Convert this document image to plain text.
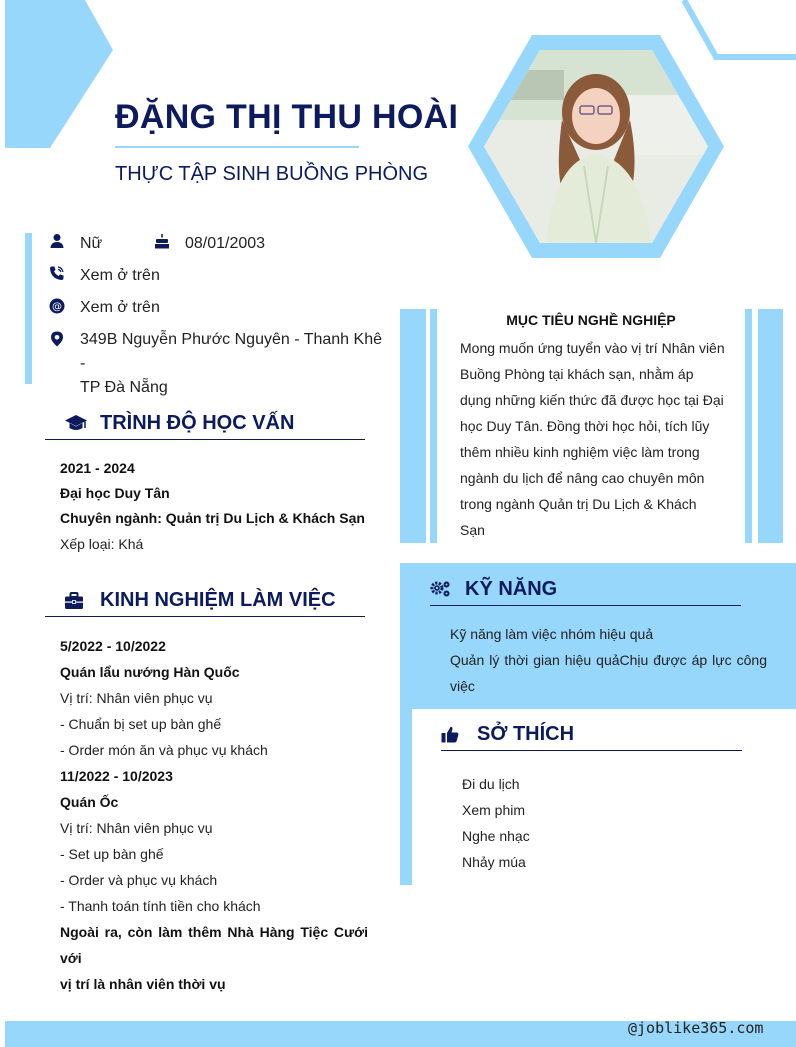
ĐẶNG THỊ THU HOÀI
THỰC TẬP SINH BUỒNG PHÒNG
Nữ	08/01/2003
Xem ở trên
@ Xem ở trên
349B Nguyễn Phước Nguyên - Thanh Khê -
TP Đà Nẵng
TRÌNH ĐỘ HỌC VẤN
2021 - 2024
Đại học Duy Tân
Chuyên ngành: Quản trị Du Lịch & Khách Sạn
Xếp loại: Khá
KINH NGHIỆM LÀM VIỆC
5/2022 - 10/2022
Quán lẩu nướng Hàn Quốc
Vị trí: Nhân viên phục vụ
- Chuẩn bị set up bàn ghế
- Order món ăn và phục vụ khách
11/2022 - 10/2023
Quán Ốc
Vị trí: Nhân viên phục vụ
- Set up bàn ghế
- Order và phục vụ khách
- Thanh toán tính tiền cho khách
Ngoài ra, còn làm thêm Nhà Hàng Tiệc Cưới với
vị trí là nhân viên thời vụ
MỤC TIÊU NGHỀ NGHIỆP
Mong muốn ứng tuyển vào vị trí Nhân viên Buồng Phòng tại khách sạn, nhằm áp dụng những kiến thức đã được học tại Đại học Duy Tân. Đồng thời học hỏi, tích lũy thêm nhiều kinh nghiệm việc làm trong ngành du lịch để nâng cao chuyên môn trong ngành Quản trị Du Lịch & Khách Sạn
KỸ NĂNG
Kỹ năng làm việc nhóm hiệu quả
Quản lý thời gian hiệu quảChịu được áp lực công
việc
SỞ THÍCH
Đi du lịch
Xem phim
Nghe nhạc
Nhảy múa
@joblike365.com
